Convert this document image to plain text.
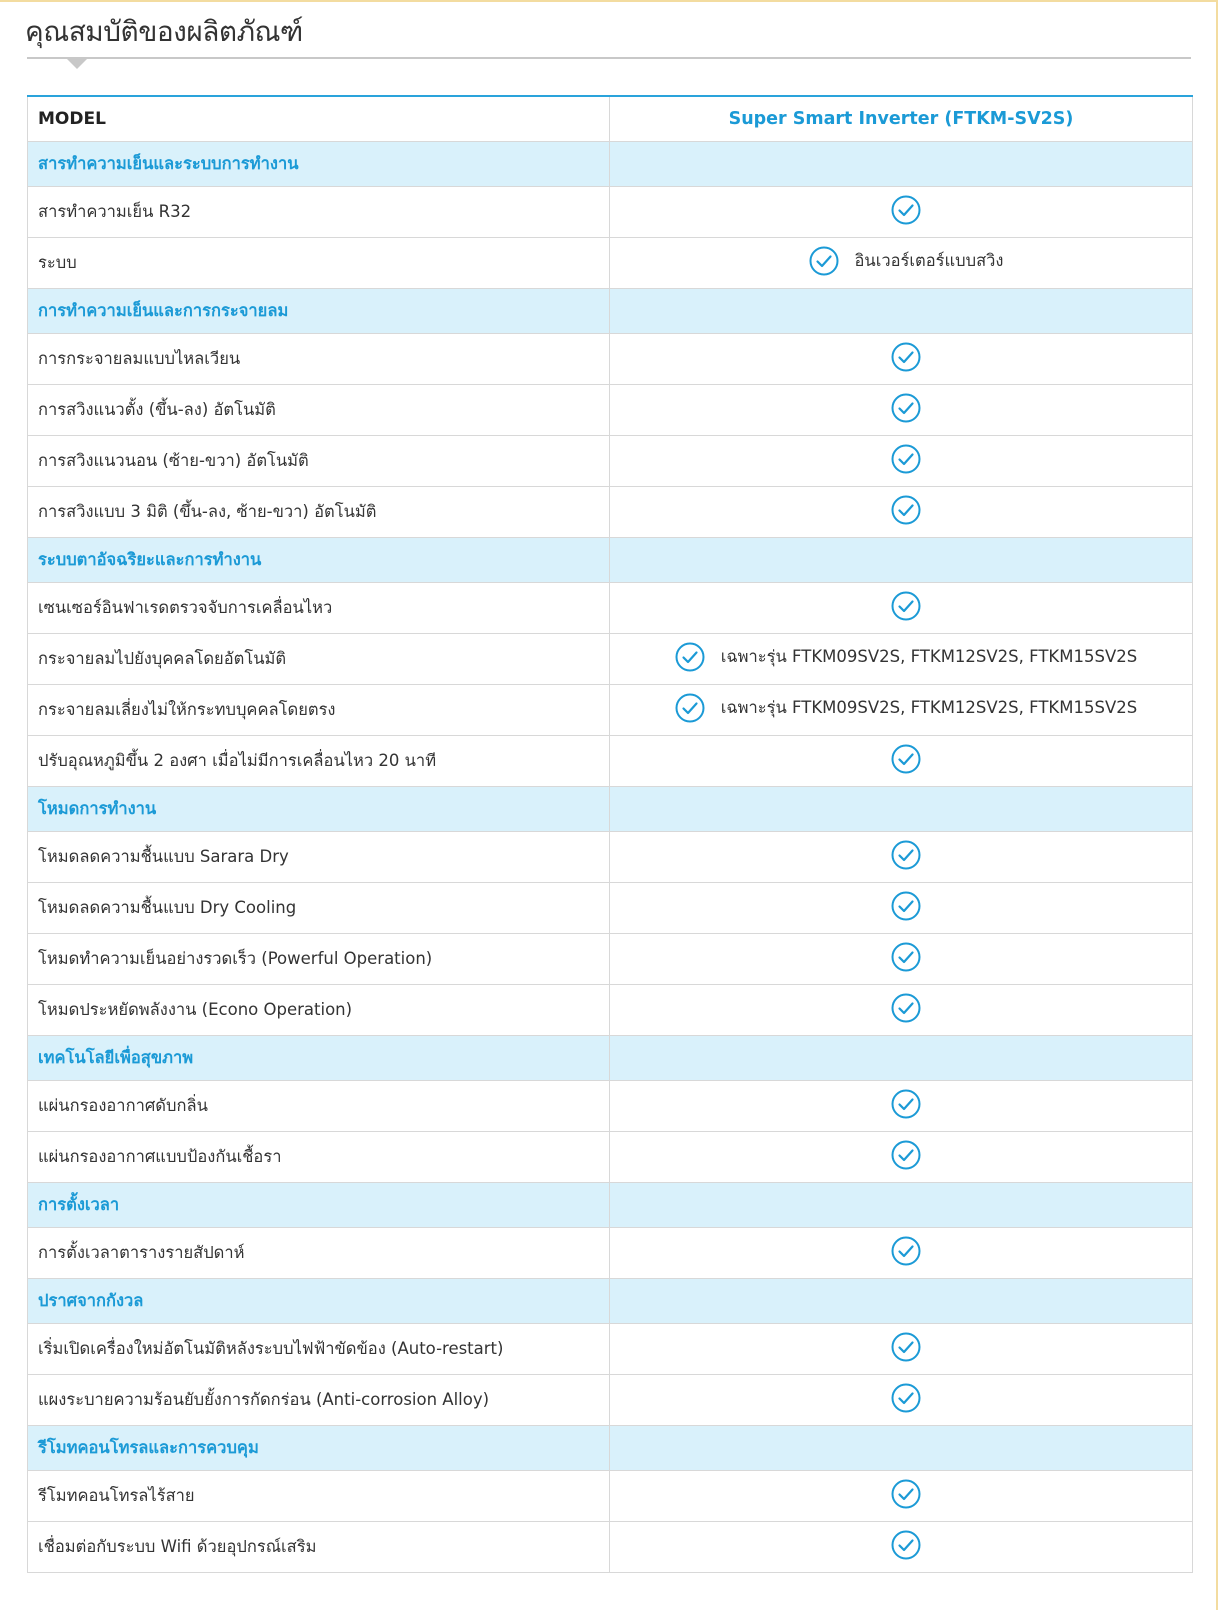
คุณสมบัติของผลิตภัณฑ์
MODEL	Super Smart Inverter (FTKM-SV2S)
สารทำความเย็นและระบบการทำงาน	
สารทำความเย็น R32	

ระบบ	อินเวอร์เตอร์แบบสวิง

การทำความเย็นและการกระจายลม	
การกระจายลมแบบไหลเวียน	

การสวิงแนวตั้ง (ขึ้น-ลง) อัตโนมัติ	

การสวิงแนวนอน (ซ้าย-ขวา) อัตโนมัติ	

การสวิงแบบ 3 มิติ (ขึ้น-ลง, ซ้าย-ขวา) อัตโนมัติ	

ระบบตาอัจฉริยะและการทำงาน	
เซนเซอร์อินฟาเรดตรวจจับการเคลื่อนไหว	

กระจายลมไปยังบุคคลโดยอัตโนมัติ	เฉพาะรุ่น FTKM09SV2S, FTKM12SV2S, FTKM15SV2S

กระจายลมเลี่ยงไม่ให้กระทบบุคคลโดยตรง	เฉพาะรุ่น FTKM09SV2S, FTKM12SV2S, FTKM15SV2S

ปรับอุณหภูมิขึ้น 2 องศา เมื่อไม่มีการเคลื่อนไหว 20 นาที	

โหมดการทำงาน	
โหมดลดความชื้นแบบ Sarara Dry	

โหมดลดความชื้นแบบ Dry Cooling	

โหมดทำความเย็นอย่างรวดเร็ว (Powerful Operation)	

โหมดประหยัดพลังงาน (Econo Operation)	

เทคโนโลยีเพื่อสุขภาพ	
แผ่นกรองอากาศดับกลิ่น	

แผ่นกรองอากาศแบบป้องกันเชื้อรา	

การตั้งเวลา	
การตั้งเวลาตารางรายสัปดาห์	

ปราศจากกังวล	
เริ่มเปิดเครื่องใหม่อัตโนมัติหลังระบบไฟฟ้าขัดข้อง (Auto-restart)	

แผงระบายความร้อนยับยั้งการกัดกร่อน (Anti-corrosion Alloy)	

รีโมทคอนโทรลและการควบคุม	
รีโมทคอนโทรลไร้สาย	

เชื่อมต่อกับระบบ Wifi ด้วยอุปกรณ์เสริม	
